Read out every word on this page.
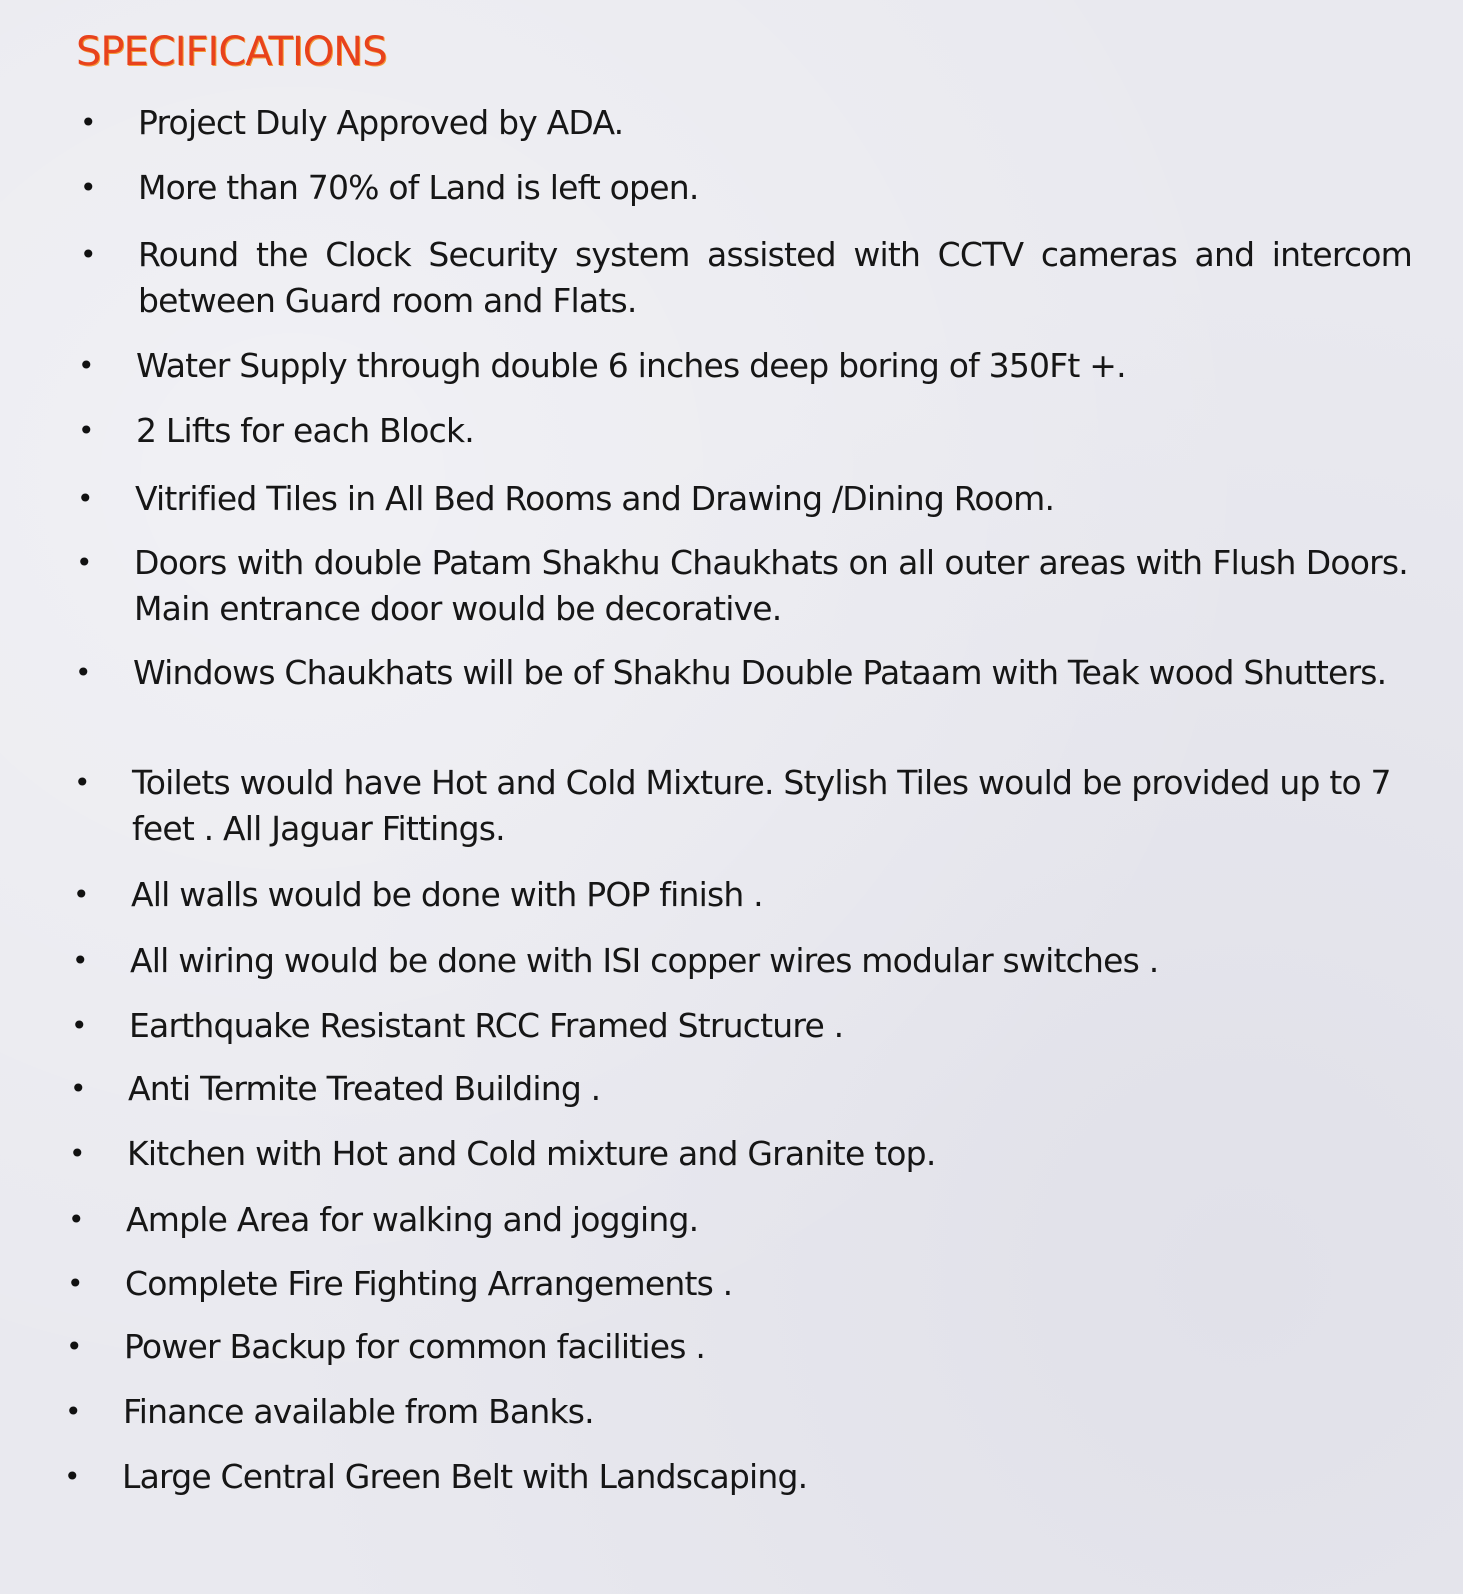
SPECIFICATIONS
• Project Duly Approved by ADA.
• More than 70% of Land is left open.
• Round the Clock Security system assisted with CCTV cameras and intercom between Guard room and Flats.
• Water Supply through double 6 inches deep boring of 350Ft +.
• 2 Lifts for each Block.
• Vitrified Tiles in All Bed Rooms and Drawing /Dining Room.
• Doors with double Patam Shakhu Chaukhats on all outer areas with Flush Doors. Main entrance door would be decorative.
• Windows Chaukhats will be of Shakhu Double Pataam with Teak wood Shutters.
• Toilets would have Hot and Cold Mixture. Stylish Tiles would be provided up to 7 feet . All Jaguar Fittings.
• All walls would be done with POP finish .
• All wiring would be done with ISI copper wires modular switches .
• Earthquake Resistant RCC Framed Structure .
• Anti Termite Treated Building .
• Kitchen with Hot and Cold mixture and Granite top.
• Ample Area for walking and jogging.
• Complete Fire Fighting Arrangements .
• Power Backup for common facilities .
• Finance available from Banks.
• Large Central Green Belt with Landscaping.
